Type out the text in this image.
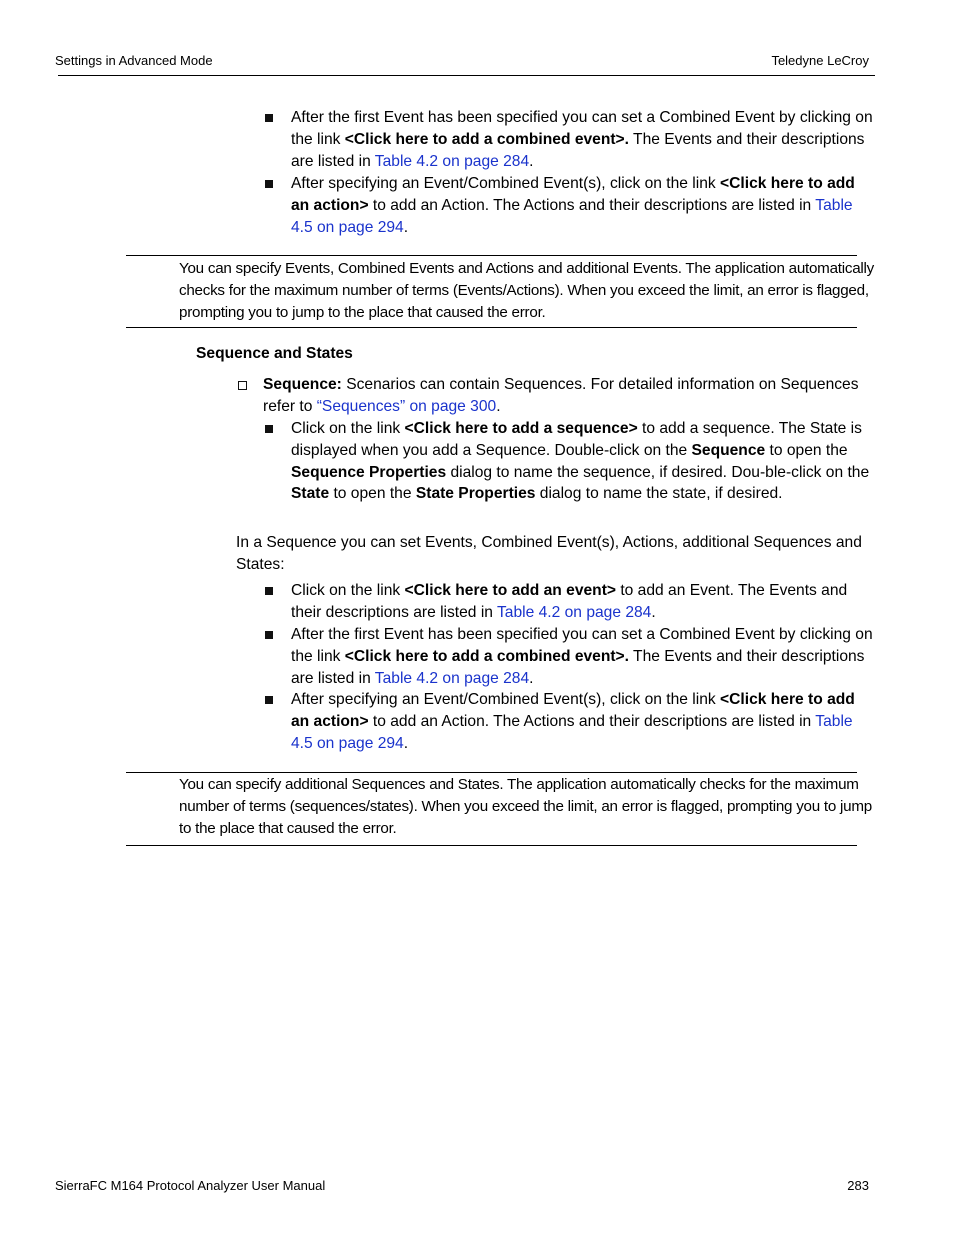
Settings in Advanced Mode	Teledyne LeCroy
After the first Event has been specified you can set a Combined Event by clicking on the link <Click here to add a combined event>. The Events and their descriptions are listed in Table 4.2 on page 284.
After specifying an Event/Combined Event(s), click on the link <Click here to add an action> to add an Action. The Actions and their descriptions are listed in Table 4.5 on page 294.
You can specify Events, Combined Events and Actions and additional Events. The application automatically checks for the maximum number of terms (Events/Actions). When you exceed the limit, an error is flagged, prompting you to jump to the place that caused the error.
Sequence and States
Sequence: Scenarios can contain Sequences. For detailed information on Sequences refer to “Sequences” on page 300.
Click on the link <Click here to add a sequence> to add a sequence. The State is displayed when you add a Sequence. Double-click on the Sequence to open the Sequence Properties dialog to name the sequence, if desired. Dou-ble-click on the State to open the State Properties dialog to name the state, if desired.
In a Sequence you can set Events, Combined Event(s), Actions, additional Sequences and States:
Click on the link <Click here to add an event> to add an Event. The Events and their descriptions are listed in Table 4.2 on page 284.
After the first Event has been specified you can set a Combined Event by clicking on the link <Click here to add a combined event>. The Events and their descriptions are listed in Table 4.2 on page 284.
After specifying an Event/Combined Event(s), click on the link <Click here to add an action> to add an Action. The Actions and their descriptions are listed in Table 4.5 on page 294.
You can specify additional Sequences and States. The application automatically checks for the maximum number of terms (sequences/states). When you exceed the limit, an error is flagged, prompting you to jump to the place that caused the error.
SierraFC M164 Protocol Analyzer User Manual	283
